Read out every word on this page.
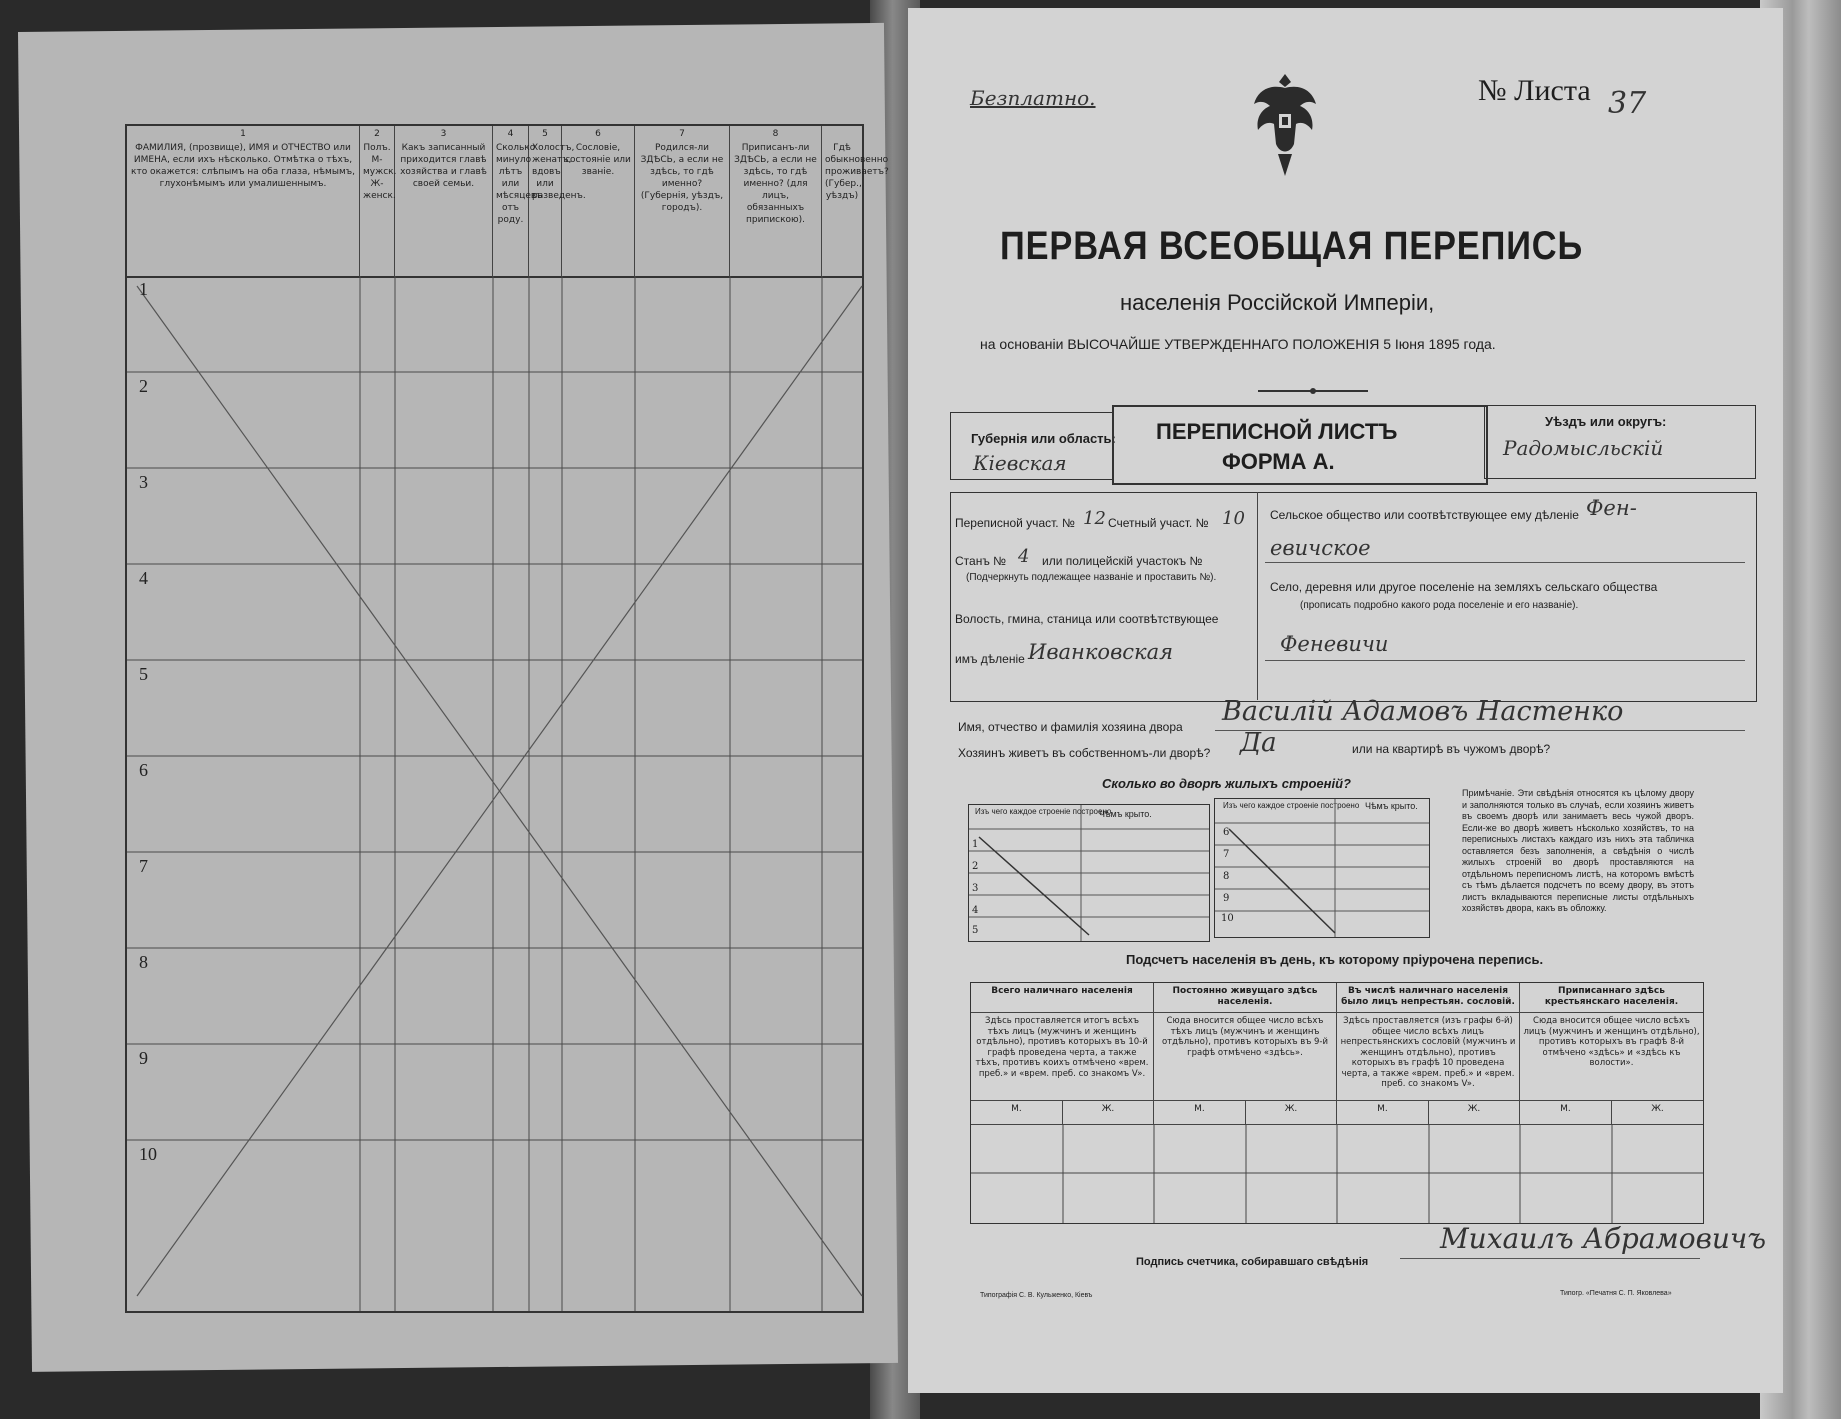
1
ФАМИЛИЯ, (прозвище), ИМЯ и ОТЧЕСТВО или ИМЕНА, если ихъ нѣсколько. Отмѣтка о тѣхъ, кто окажется: слѣпымъ на оба глаза, нѣмымъ, глухонѣмымъ или умалишеннымъ.
2
Полъ. М-мужск. Ж-женск.
3
Какъ записанный приходится главѣ хозяйства и главѣ своей семьи.
4
Сколько минуло лѣтъ или мѣсяцевъ отъ роду.
5
Холостъ, женатъ, вдовъ или разведенъ.
6
Сословіе, состояніе или званіе.
7
Родился-ли ЗДѢСЬ, а если не здѣсь, то гдѣ именно? (Губернія, уѣздъ, городъ).
8
Приписанъ-ли ЗДѢСЬ, а если не здѣсь, то гдѣ именно? (для лицъ, обязанныхъ припискою).
Гдѣ обыкновенно проживаетъ? (Губер., уѣздъ)
1
2
3
4
5
6
7
8
9
10
Безплатно.	№ Листа 37
ПЕРВАЯ ВСЕОБЩАЯ ПЕРЕПИСЬ
населенія Россійской Имперіи,
на основаніи ВЫСОЧАЙШЕ УТВЕРЖДЕННАГО ПОЛОЖЕНІЯ 5 Іюня 1895 года.
Губернія или область:
Кіевская
ПЕРЕПИСНОЙ ЛИСТЪ
ФОРМА А.
Уѣздъ или округъ:
Радомысльскій
Переписной участ. № 12 Счетный участ. № 10
Станъ № 4 или полицейскій участокъ №
(Подчеркнуть подлежащее названіе и проставить №).
Волость, гмина, станица или соотвѣтствующее
имъ дѣленіе Иванковская
Сельское общество или соотвѣтствующее ему дѣленіе Фен-
евичское
Село, деревня или другое поселеніе на земляхъ сельскаго общества
(прописать подробно какого рода поселеніе и его названіе).
Феневичи
Имя, отчество и фамилія хозяина двора Василій Адамовъ Настенко
Хозяинъ живетъ въ собственномъ-ли дворѣ? Да	или на квартирѣ въ чужомъ дворѣ?
Сколько во дворѣ жилыхъ строеній?
Изъ чего каждое строеніе построено
Чѣмъ крыто.
1
2
3
4
5
Изъ чего каждое строеніе построено Чѣмъ крыто.
6
7
8
9
10
Примѣчаніе. Эти свѣдѣнія относятся къ цѣлому двору и заполняются только въ случаѣ, если хозяинъ живетъ въ своемъ дворѣ или занимаетъ весь чужой дворъ. Если-же во дворѣ живетъ нѣсколько хозяйствъ, то на переписныхъ листахъ каждаго изъ нихъ эта табличка оставляется безъ заполненія, а свѣдѣнія о числѣ жилыхъ строеній во дворѣ проставляются на отдѣльномъ переписномъ листѣ, на которомъ вмѣстѣ съ тѣмъ дѣлается подсчетъ по всему двору, въ этотъ листъ вкладываются переписные листы отдѣльныхъ хозяйствъ двора, какъ въ обложку.
Подсчетъ населенія въ день, къ которому пріурочена перепись.
Всего наличнаго населенія	Постоянно живущаго здѣсь населенія.
Въ числѣ наличнаго населенія было лицъ непрестьян. сословій.
Приписаннаго здѣсь крестьянскаго населенія.
Здѣсь проставляется итогъ всѣхъ тѣхъ лицъ (мужчинъ и женщинъ отдѣльно), противъ которыхъ въ 10-й графѣ проведена черта, а также тѣхъ, противъ коихъ отмѣчено «врем. преб.» и «врем. преб. со знакомъ V».
Сюда вносится общее число всѣхъ тѣхъ лицъ (мужчинъ и женщинъ отдѣльно), противъ которыхъ въ 9-й графѣ отмѣчено «здѣсь».
Здѣсь проставляется (изъ графы 6-й) общее число всѣхъ лицъ непрестьянскихъ сословій (мужчинъ и женщинъ отдѣльно), противъ которыхъ въ графѣ 10 проведена черта, а также «врем. преб.» и «врем. преб. со знакомъ V».
Сюда вносится общее число всѣхъ лицъ (мужчинъ и женщинъ отдѣльно), противъ которыхъ въ графѣ 8-й отмѣчено «здѣсь» и «здѣсь къ волости».
М.	Ж.	М.	Ж.	М.	Ж.	М.	Ж.
Подпись счетчика, собиравшаго свѣдѣнія
Михаилъ Абрамовичъ
Типографія С. В. Кульженко, Кіевъ	Типогр. «Печатня С. П. Яковлева»
